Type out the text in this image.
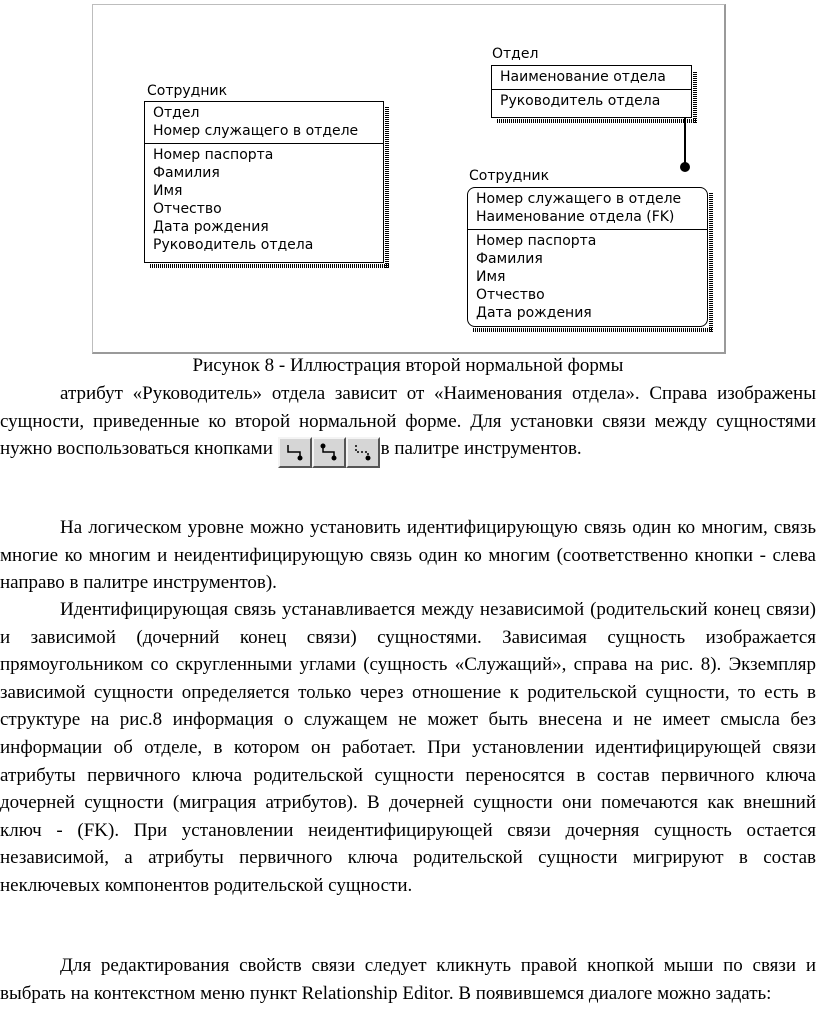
Сотрудник
Отдел
Номер служащего в отделе
Номер паспорта
Фамилия
Имя
Отчество
Дата рождения
Руководитель отдела
Отдел
Наименование отдела
Руководитель отдела
Сотрудник
Номер служащего в отделе
Наименование отдела (FK)
Номер паспорта
Фамилия
Имя
Отчество
Дата рождения
Рисунок 8 - Иллюстрация второй нормальной формы

атрибут «Руководитель» отдела зависит от «Наименования отдела». Справа изображены сущности, приведенные ко второй нормальной форме. Для установки связи между сущностями нужно воспользоваться кнопками	в палитре инструментов.

На логическом уровне можно установить идентифицирующую связь один ко многим, связь многие ко многим и неидентифицирующую связь один ко многим (соответственно кнопки - слева направо в палитре инструментов).

Идентифицирующая связь устанавливается между независимой (родительский конец связи) и зависимой (дочерний конец связи) сущностями. Зависимая сущность изображается прямоугольником со скругленными углами (сущность «Служащий», справа на рис. 8). Экземпляр зависимой сущности определяется только через отношение к родительской сущности, то есть в структуре на рис.8 информация о служащем не может быть внесена и не имеет смысла без информации об отделе, в котором он работает. При установлении идентифицирующей связи атрибуты первичного ключа родительской сущности переносятся в состав первичного ключа дочерней сущности (миграция атрибутов). В дочерней сущности они помечаются как внешний ключ - (FK). При установлении неидентифицирующей связи дочерняя сущность остается независимой, а атрибуты первичного ключа родительской сущности мигрируют в состав неключевых компонентов родительской сущности.

Для редактирования свойств связи следует кликнуть правой кнопкой мыши по связи и выбрать на контекстном меню пункт Relationship Editor. В появившемся диалоге можно задать:
